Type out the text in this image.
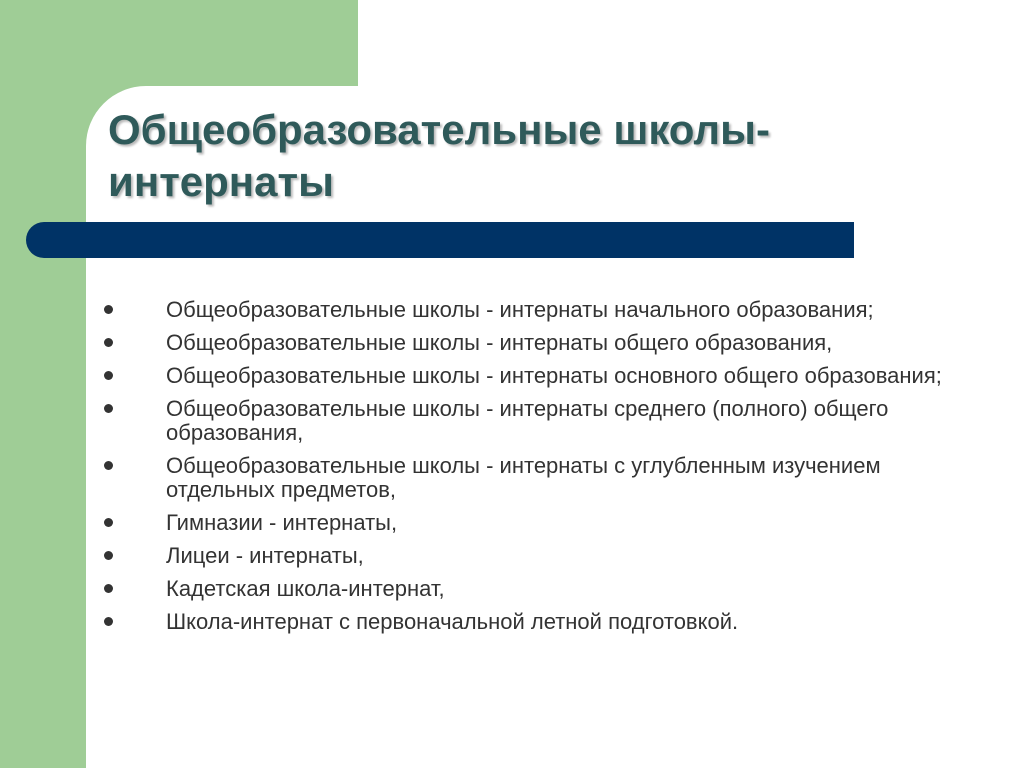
Общеобразовательные школы-
интернаты
Общеобразовательные школы - интернаты начального образования;
Общеобразовательные школы - интернаты общего образования,
Общеобразовательные школы - интернаты основного общего образования;
Общеобразовательные школы - интернаты среднего (полного) общего образования,
Общеобразовательные школы - интернаты с углубленным изучением отдельных предметов,
Гимназии - интернаты,
Лицеи - интернаты,
Кадетская школа-интернат,
Школа-интернат с первоначальной летной подготовкой.
